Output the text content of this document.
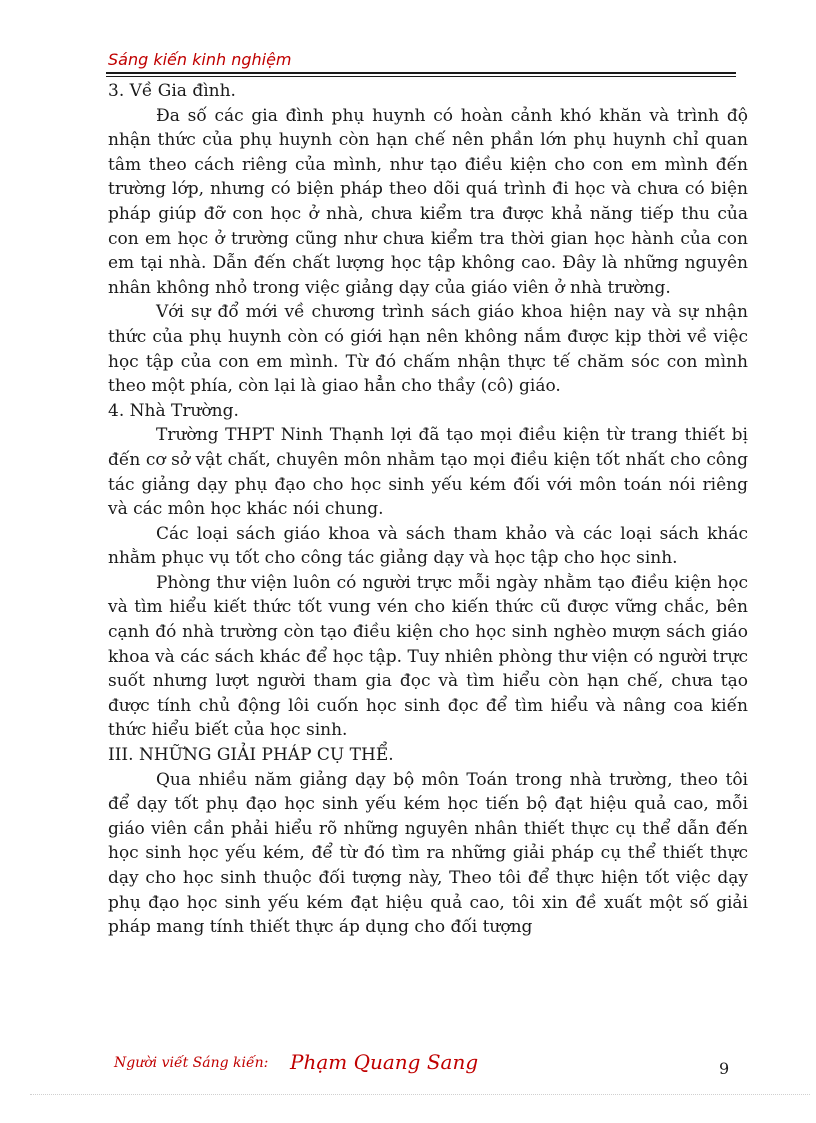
Sáng kiến kinh nghiệm

3. Về Gia đình.

Đa số các gia đình phụ huynh có hoàn cảnh khó khăn và trình độ nhận thức của phụ huynh còn hạn chế nên phần lớn phụ huynh chỉ quan tâm theo cách riêng của mình, như tạo điều kiện cho con em mình đến trường lớp, nhưng có biện pháp theo dõi quá trình đi học và chưa có biện pháp giúp đỡ con học ở nhà, chưa kiểm tra được khả năng tiếp thu của con em học ở trường cũng như chưa kiểm tra thời gian học hành của con em tại nhà. Dẫn đến chất lượng học tập không cao. Đây là những nguyên nhân không nhỏ trong việc giảng dạy của giáo viên ở nhà trường.

Với sự đổ mới về chương trình sách giáo khoa hiện nay và sự nhận thức của phụ huynh còn có giới hạn nên không nắm được kịp thời về việc học tập của con em mình. Từ đó chấm nhận thực tế chăm sóc con mình theo một phía, còn lại là giao hẳn cho thầy (cô) giáo.

4. Nhà Trường.

Trường THPT Ninh Thạnh lợi đã tạo mọi điều kiện từ trang thiết bị đến cơ sở vật chất, chuyên môn nhằm tạo mọi điều kiện tốt nhất cho công tác giảng dạy phụ đạo cho học sinh yếu kém đối với môn toán nói riêng và các môn học khác nói chung.

Các loại sách giáo khoa và sách tham khảo và các loại sách khác nhằm phục vụ tốt cho công tác giảng dạy và học tập cho học sinh.

Phòng thư viện luôn có người trực mỗi ngày nhằm tạo điều kiện học và tìm hiểu kiết thức tốt vung vén cho kiến thức cũ được vững chắc, bên cạnh đó nhà trường còn tạo điều kiện cho học sinh nghèo mượn sách giáo khoa và các sách khác để học tập. Tuy nhiên phòng thư viện có người trực suốt nhưng lượt người tham gia đọc và tìm hiểu còn hạn chế, chưa tạo được tính chủ động lôi cuốn học sinh đọc để tìm hiểu và nâng coa kiến thức hiểu biết của học sinh.

III. NHỮNG GIẢI PHÁP CỤ THỂ.

Qua nhiều năm giảng dạy bộ môn Toán trong nhà trường, theo tôi để dạy tốt phụ đạo học sinh yếu kém học tiến bộ đạt hiệu quả cao, mỗi giáo viên cần phải hiểu rõ những nguyên nhân thiết thực cụ thể dẫn đến học sinh học yếu kém, để từ đó tìm ra những giải pháp cụ thể thiết thực dạy cho học sinh thuộc đối tượng này, Theo tôi để thực hiện tốt việc dạy phụ đạo học sinh yếu kém đạt hiệu quả cao, tôi xin đề xuất một số giải pháp mang tính thiết thực áp dụng cho đối tượng

Người viết Sáng kiến: Phạm Quang Sang	9
